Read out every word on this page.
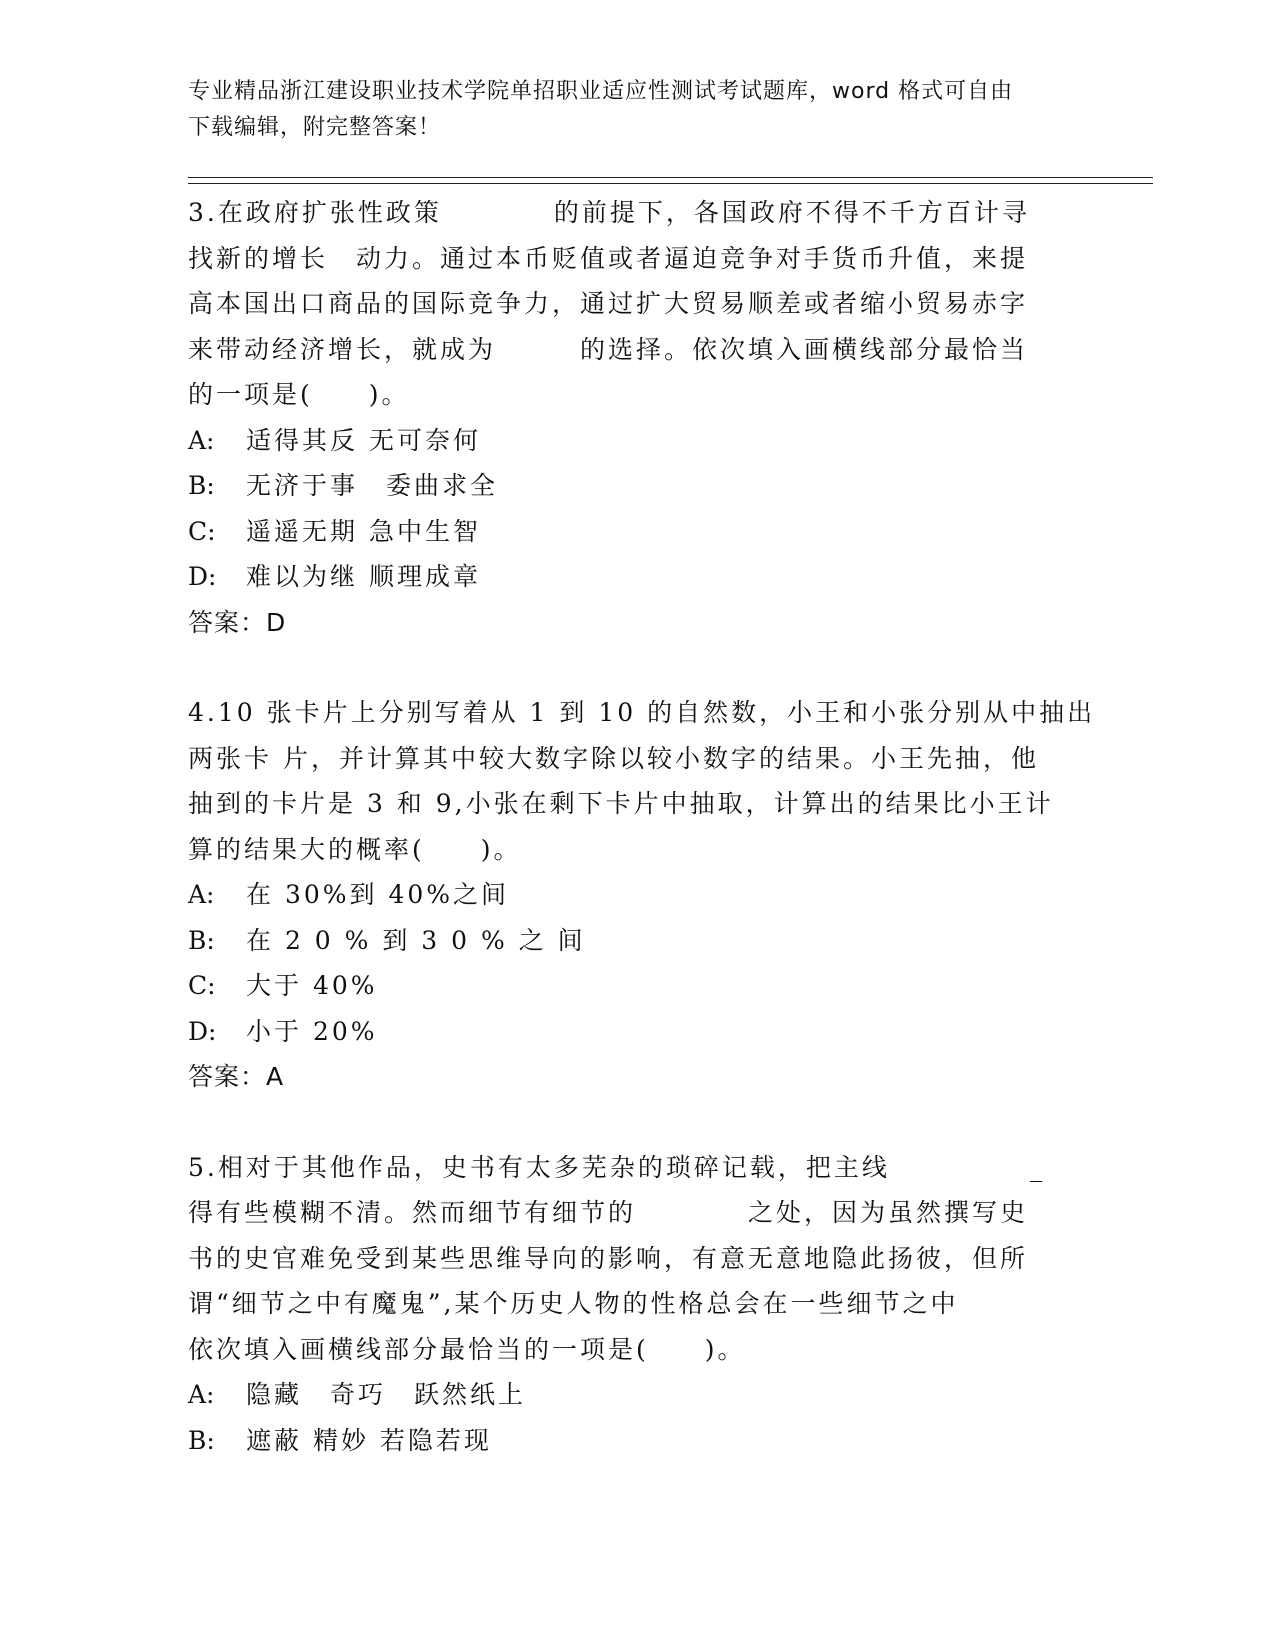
专业精品浙江建设职业技术学院单招职业适应性测试考试题库，word 格式可自由
下载编辑，附完整答案！
3.在政府扩张性政策　　　　的前提下，各国政府不得不千方百计寻
找新的增长　动力。通过本币贬值或者逼迫竞争对手货币升值，来提
高本国出口商品的国际竞争力，通过扩大贸易顺差或者缩小贸易赤字
来带动经济增长，就成为　　　的选择。依次填入画横线部分最恰当
的一项是(　　)。
A: 适得其反 无可奈何
B: 无济于事　委曲求全
C: 遥遥无期 急中生智
D: 难以为继 顺理成章
答案：D
4.10 张卡片上分别写着从 1 到 10 的自然数，小王和小张分别从中抽出
两张卡 片，并计算其中较大数字除以较小数字的结果。小王先抽，他
抽到的卡片是 3 和 9,小张在剩下卡片中抽取，计算出的结果比小王计
算的结果大的概率(　　)。
A: 在 30%到 40%之间
B: 在 2 0 % 到 3 0 % 之 间
C: 大于 40%
D: 小于 20%
答案：A
5.相对于其他作品，史书有太多芜杂的琐碎记载，把主线　　　　　_
得有些模糊不清。然而细节有细节的　　　　之处，因为虽然撰写史
书的史官难免受到某些思维导向的影响，有意无意地隐此扬彼，但所
谓“细节之中有魔鬼”,某个历史人物的性格总会在一些细节之中
依次填入画横线部分最恰当的一项是(　　)。
A: 隐藏　奇巧　跃然纸上
B: 遮蔽 精妙 若隐若现
